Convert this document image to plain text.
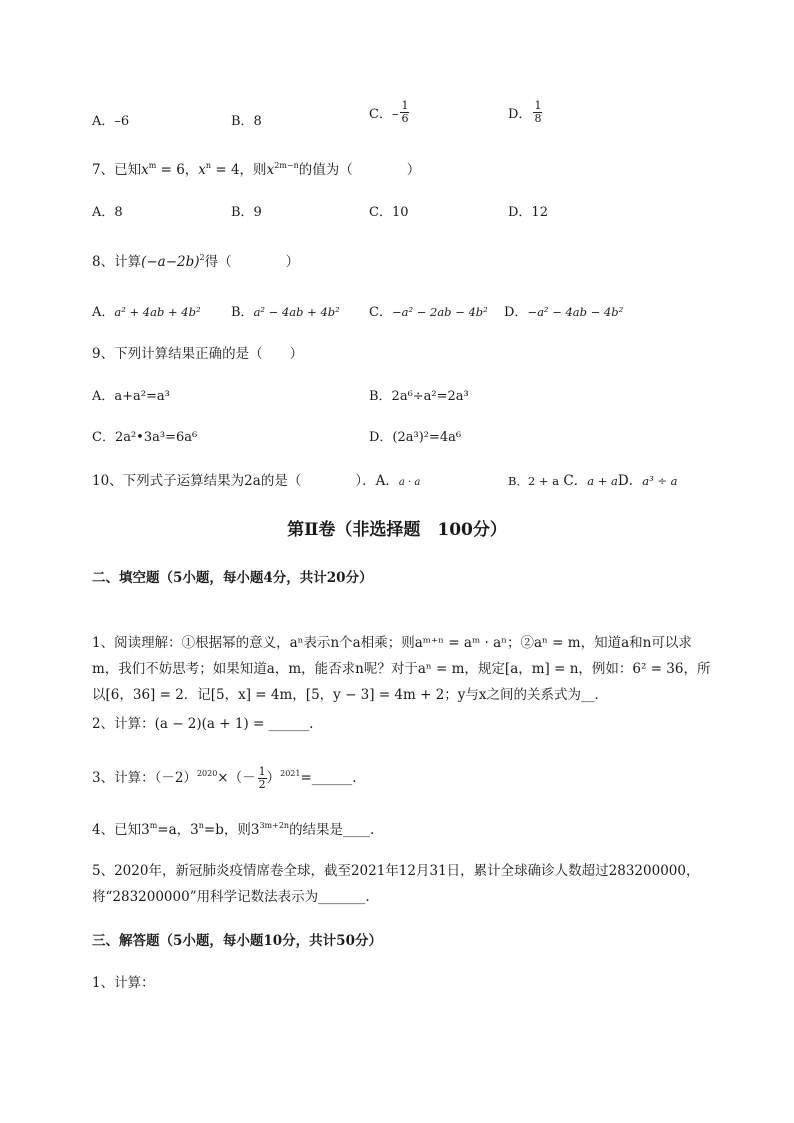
A．–6	B．8	C．– $\frac{1}{6}$	D． $\frac{1}{8}$
7、已知$x^m = 6$，$x^n = 4$，则$x^{2m-n}$的值为（　　　　）
A．8	B．9	C．10	D．12
8、计算$(-a-2b)^2$得（　　　　）
A．a² + 4ab + 4b² B．a² − 4ab + 4b² C．−a² − 2ab − 4b² D．−a² − 4ab − 4b²
9、下列计算结果正确的是（　　）
A．a+a²=a³	B．2a⁶÷a²=2a³
C．2a²•3a³=6a⁶	D．(2a³)²=4a⁶
10、下列式子运算结果为2a的是（　　　　）．A．a · a	B．2 + a C．a + aD．a³ ÷ a
第Ⅱ卷（非选择题　100分）
二、填空题（5小题，每小题4分，共计20分）
1、阅读理解：①根据幂的意义，aⁿ表示n个a相乘；则aᵐ⁺ⁿ = aᵐ · aⁿ；②aⁿ = m，知道a和n可以求
m，我们不妨思考；如果知道a，m，能否求n呢？对于aⁿ = m，规定[a，m] = n，例如：6² = 36，所
以[6，36] = 2．记[5，x] = 4m，[5，y − 3] = 4m + 2；y与x之间的关系式为__．
2、计算：(a − 2)(a + 1) = ______.
3、计算：$(-2)^{2020}\times(- \frac{1}{2}$ ）$^{2021}=\_\_\_\_\_\_$.
4、已知$3^m=a$，$3^n=b$，则$3^{3m+2n}$的结果是____.
5、2020年，新冠肺炎疫情席卷全球，截至2021年12月31日，累计全球确诊人数超过283200000，
将“283200000”用科学记数法表示为_______.
三、解答题（5小题，每小题10分，共计50分）
1、计算：
